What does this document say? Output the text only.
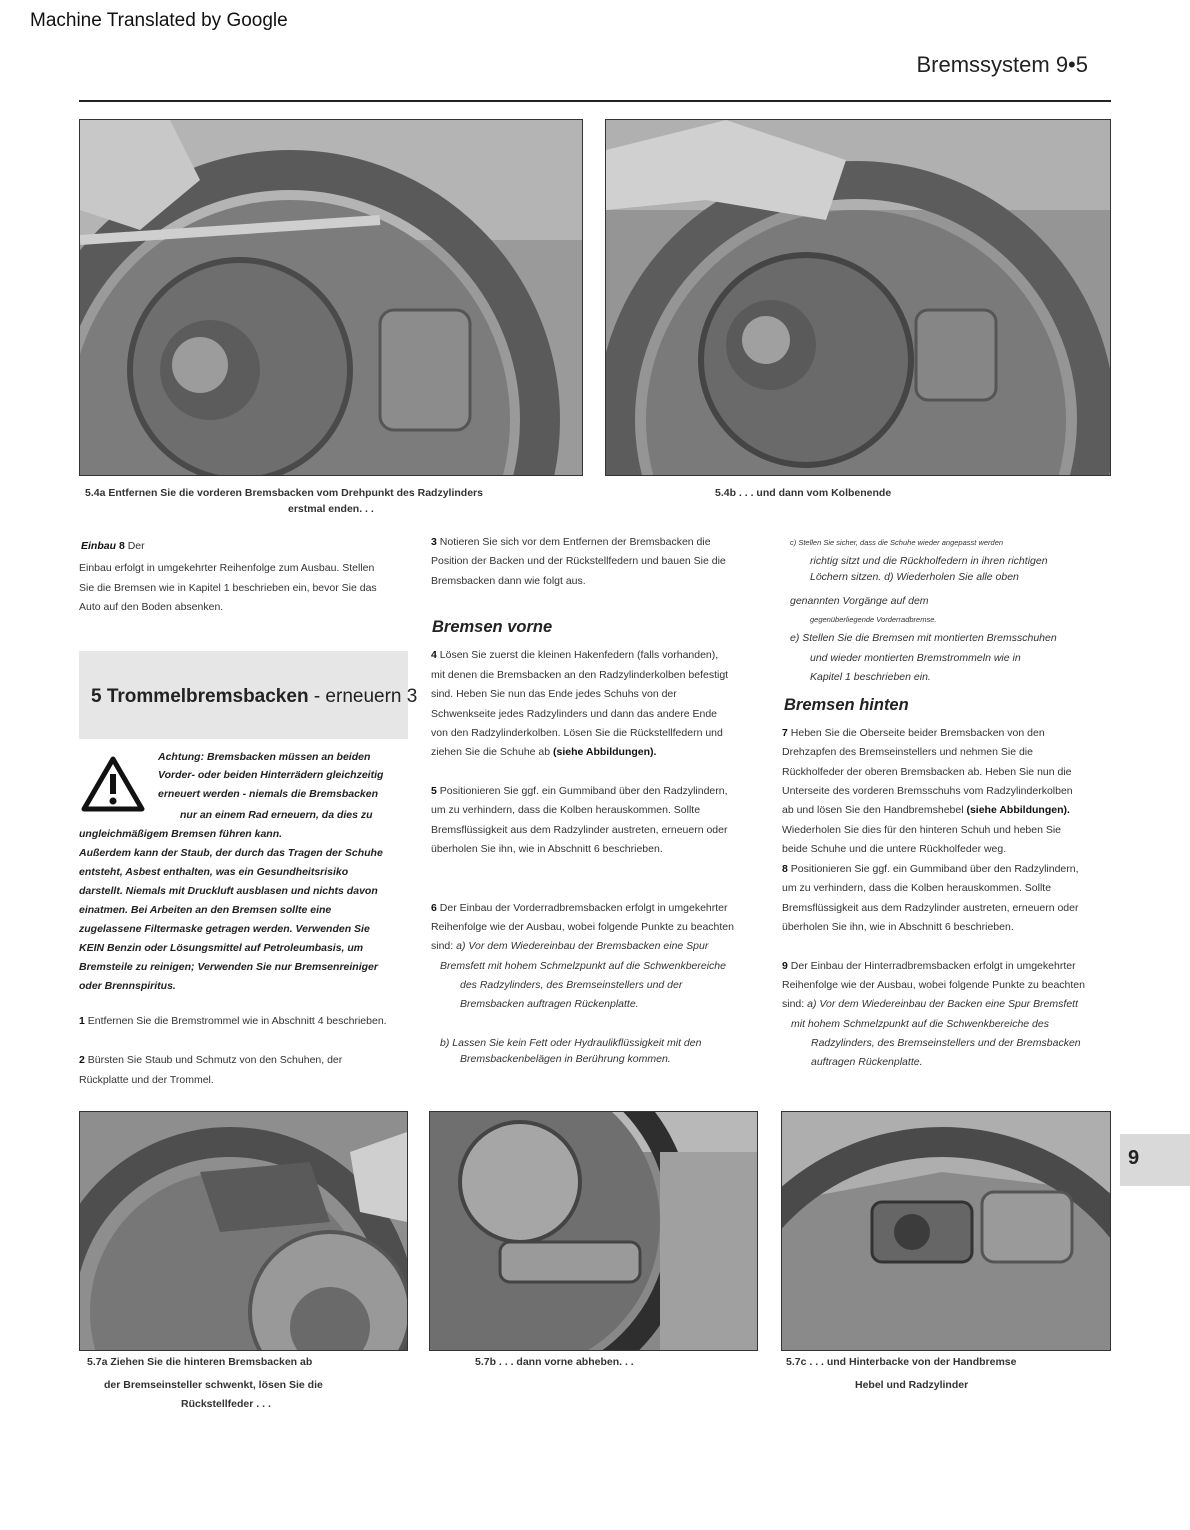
Machine Translated by Google
Bremssystem 9•5
5.4a Entfernen Sie die vorderen Bremsbacken vom Drehpunkt des Radzylinders
erstmal enden. . .
5.4b . . . und dann vom Kolbenende
Einbau 8 Der
Einbau erfolgt in umgekehrter Reihenfolge zum Ausbau. Stellen
Sie die Bremsen wie in Kapitel 1 beschrieben ein, bevor Sie das
Auto auf den Boden absenken.
5 Trommelbremsbacken - erneuern 3
Achtung: Bremsbacken müssen an beiden
Vorder- oder beiden Hinterrädern gleichzeitig
erneuert werden - niemals die Bremsbacken
nur an einem Rad erneuern, da dies zu
ungleichmäßigem Bremsen führen kann.
Außerdem kann der Staub, der durch das Tragen der Schuhe
entsteht, Asbest enthalten, was ein Gesundheitsrisiko
darstellt. Niemals mit Druckluft ausblasen und nichts davon
einatmen. Bei Arbeiten an den Bremsen sollte eine
zugelassene Filtermaske getragen werden. Verwenden Sie
KEIN Benzin oder Lösungsmittel auf Petroleumbasis, um
Bremsteile zu reinigen; Verwenden Sie nur Bremsenreiniger
oder Brennspiritus.
1 Entfernen Sie die Bremstrommel wie in Abschnitt 4 beschrieben.
2 Bürsten Sie Staub und Schmutz von den Schuhen, der
Rückplatte und der Trommel.
3 Notieren Sie sich vor dem Entfernen der Bremsbacken die
Position der Backen und der Rückstellfedern und bauen Sie die
Bremsbacken dann wie folgt aus.
Bremsen vorne
4 Lösen Sie zuerst die kleinen Hakenfedern (falls vorhanden),
mit denen die Bremsbacken an den Radzylinderkolben befestigt
sind. Heben Sie nun das Ende jedes Schuhs von der
Schwenkseite jedes Radzylinders und dann das andere Ende
von den Radzylinderkolben. Lösen Sie die Rückstellfedern und
ziehen Sie die Schuhe ab (siehe Abbildungen).
5 Positionieren Sie ggf. ein Gummiband über den Radzylindern,
um zu verhindern, dass die Kolben herauskommen. Sollte
Bremsflüssigkeit aus dem Radzylinder austreten, erneuern oder
überholen Sie ihn, wie in Abschnitt 6 beschrieben.
6 Der Einbau der Vorderradbremsbacken erfolgt in umgekehrter
Reihenfolge wie der Ausbau, wobei folgende Punkte zu beachten
sind: a) Vor dem Wiedereinbau der Bremsbacken eine Spur
Bremsfett mit hohem Schmelzpunkt auf die Schwenkbereiche
des Radzylinders, des Bremseinstellers und der
Bremsbacken auftragen Rückenplatte.
b) Lassen Sie kein Fett oder Hydraulikflüssigkeit mit den
Bremsbackenbelägen in Berührung kommen.
c) Stellen Sie sicher, dass die Schuhe wieder angepasst werden
richtig sitzt und die Rückholfedern in ihren richtigen
Löchern sitzen. d) Wiederholen Sie alle oben
genannten Vorgänge auf dem
gegenüberliegende Vorderradbremse.
e) Stellen Sie die Bremsen mit montierten Bremsschuhen
und wieder montierten Bremstrommeln wie in
Kapitel 1 beschrieben ein.
Bremsen hinten
7 Heben Sie die Oberseite beider Bremsbacken von den
Drehzapfen des Bremseinstellers und nehmen Sie die
Rückholfeder der oberen Bremsbacken ab. Heben Sie nun die
Unterseite des vorderen Bremsschuhs vom Radzylinderkolben
ab und lösen Sie den Handbremshebel (siehe Abbildungen).
Wiederholen Sie dies für den hinteren Schuh und heben Sie
beide Schuhe und die untere Rückholfeder weg.
8 Positionieren Sie ggf. ein Gummiband über den Radzylindern,
um zu verhindern, dass die Kolben herauskommen. Sollte
Bremsflüssigkeit aus dem Radzylinder austreten, erneuern oder
überholen Sie ihn, wie in Abschnitt 6 beschrieben.
9 Der Einbau der Hinterradbremsbacken erfolgt in umgekehrter
Reihenfolge wie der Ausbau, wobei folgende Punkte zu beachten
sind: a) Vor dem Wiedereinbau der Backen eine Spur Bremsfett
mit hohem Schmelzpunkt auf die Schwenkbereiche des
Radzylinders, des Bremseinstellers und der Bremsbacken
auftragen Rückenplatte.
5.7a Ziehen Sie die hinteren Bremsbacken ab
der Bremseinsteller schwenkt, lösen Sie die
Rückstellfeder . . .
5.7b . . . dann vorne abheben. . .	5.7c . . . und Hinterbacke von der Handbremse
Hebel und Radzylinder
9
